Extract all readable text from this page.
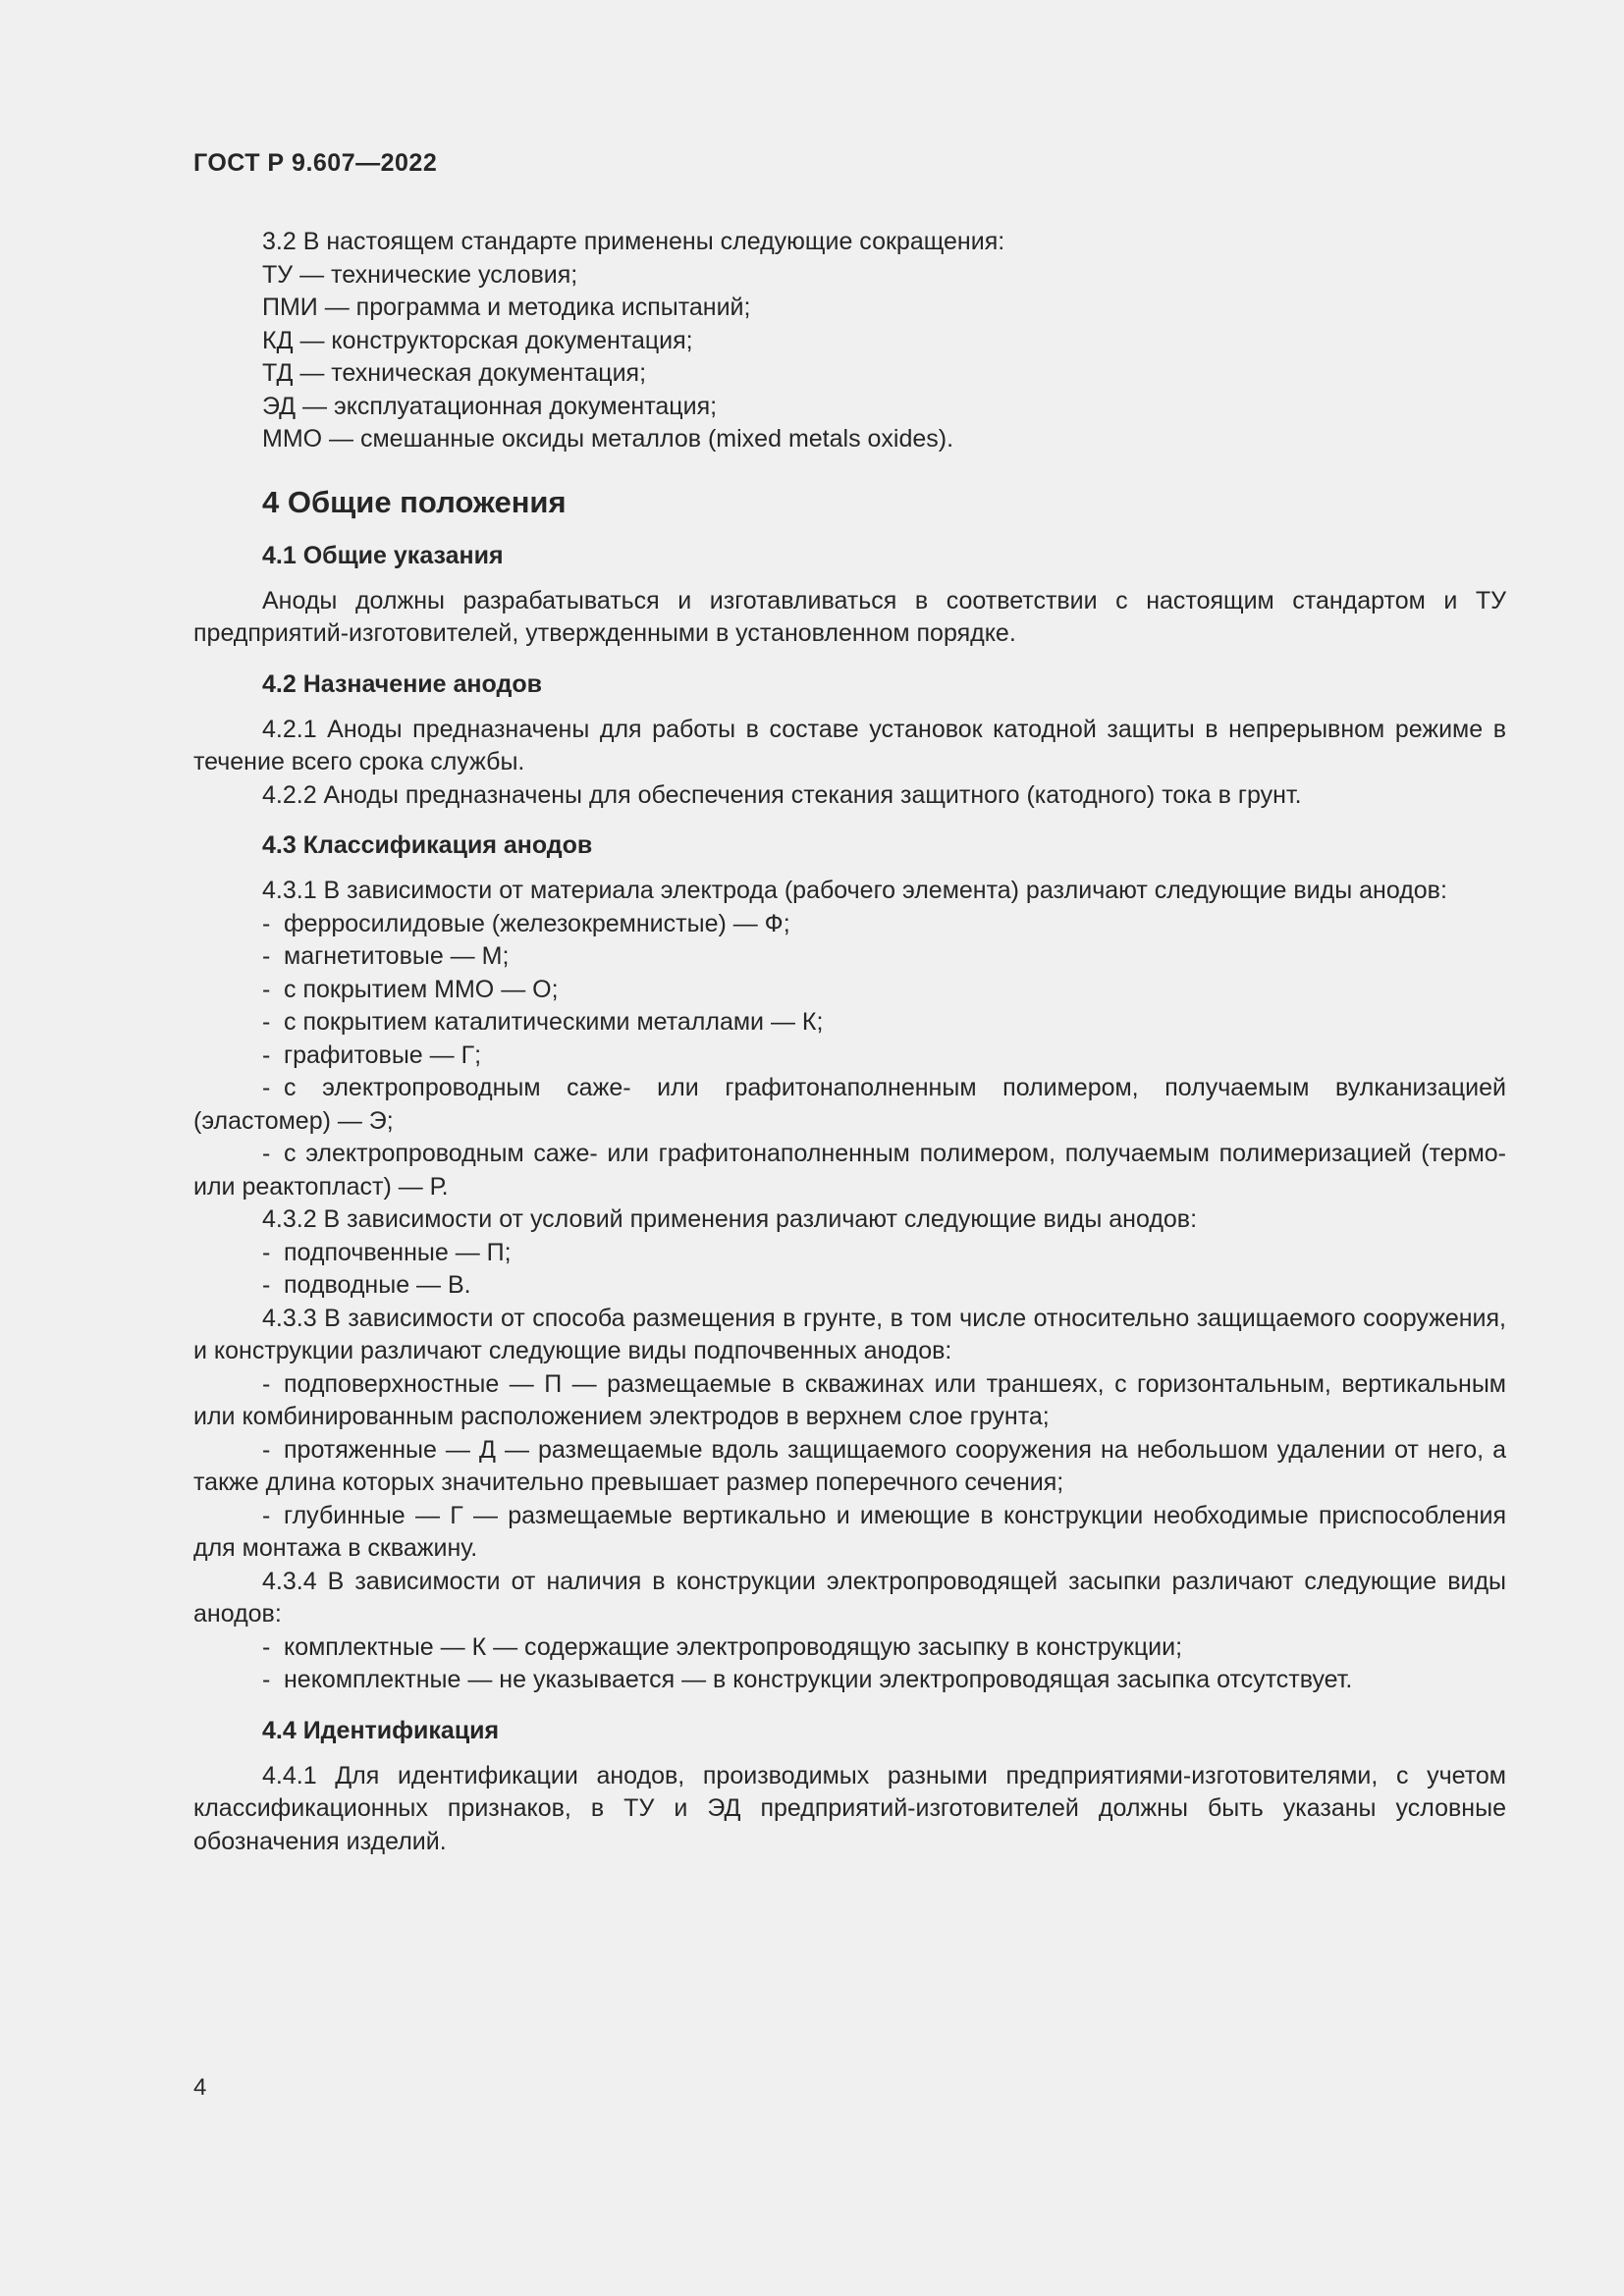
ГОСТ Р 9.607—2022

3.2 В настоящем стандарте применены следующие сокращения:

ТУ — технические условия;

ПМИ — программа и методика испытаний;

КД — конструкторская документация;

ТД — техническая документация;

ЭД — эксплуатационная документация;

ММО — смешанные оксиды металлов (mixed metals oxides).

4 Общие положения
4.1 Общие указания

Аноды должны разрабатываться и изготавливаться в соответствии с настоящим стандартом и ТУ предприятий-изготовителей, утвержденными в установленном порядке.

4.2 Назначение анодов

4.2.1 Аноды предназначены для работы в составе установок катодной защиты в непрерывном режиме в течение всего срока службы.

4.2.2 Аноды предназначены для обеспечения стекания защитного (катодного) тока в грунт.

4.3 Классификация анодов

4.3.1 В зависимости от материала электрода (рабочего элемента) различают следующие виды анодов:

- ферросилидовые (железокремнистые) — Ф;

- магнетитовые — М;

- с покрытием ММО — О;

- с покрытием каталитическими металлами — К;

- графитовые — Г;

- с электропроводным саже- или графитонаполненным полимером, получаемым вулканизацией (эластомер) — Э;

- с электропроводным саже- или графитонаполненным полимером, получаемым полимеризацией (термо- или реактопласт) — Р.

4.3.2 В зависимости от условий применения различают следующие виды анодов:

- подпочвенные — П;

- подводные — В.

4.3.3 В зависимости от способа размещения в грунте, в том числе относительно защищаемого сооружения, и конструкции различают следующие виды подпочвенных анодов:

- подповерхностные — П — размещаемые в скважинах или траншеях, с горизонтальным, вертикальным или комбинированным расположением электродов в верхнем слое грунта;

- протяженные — Д — размещаемые вдоль защищаемого сооружения на небольшом удалении от него, а также длина которых значительно превышает размер поперечного сечения;

- глубинные — Г — размещаемые вертикально и имеющие в конструкции необходимые приспособления для монтажа в скважину.

4.3.4 В зависимости от наличия в конструкции электропроводящей засыпки различают следующие виды анодов:

- комплектные — К — содержащие электропроводящую засыпку в конструкции;

- некомплектные — не указывается — в конструкции электропроводящая засыпка отсутствует.

4.4 Идентификация

4.4.1 Для идентификации анодов, производимых разными предприятиями-изготовителями, с учетом классификационных признаков, в ТУ и ЭД предприятий-изготовителей должны быть указаны условные обозначения изделий.

4
